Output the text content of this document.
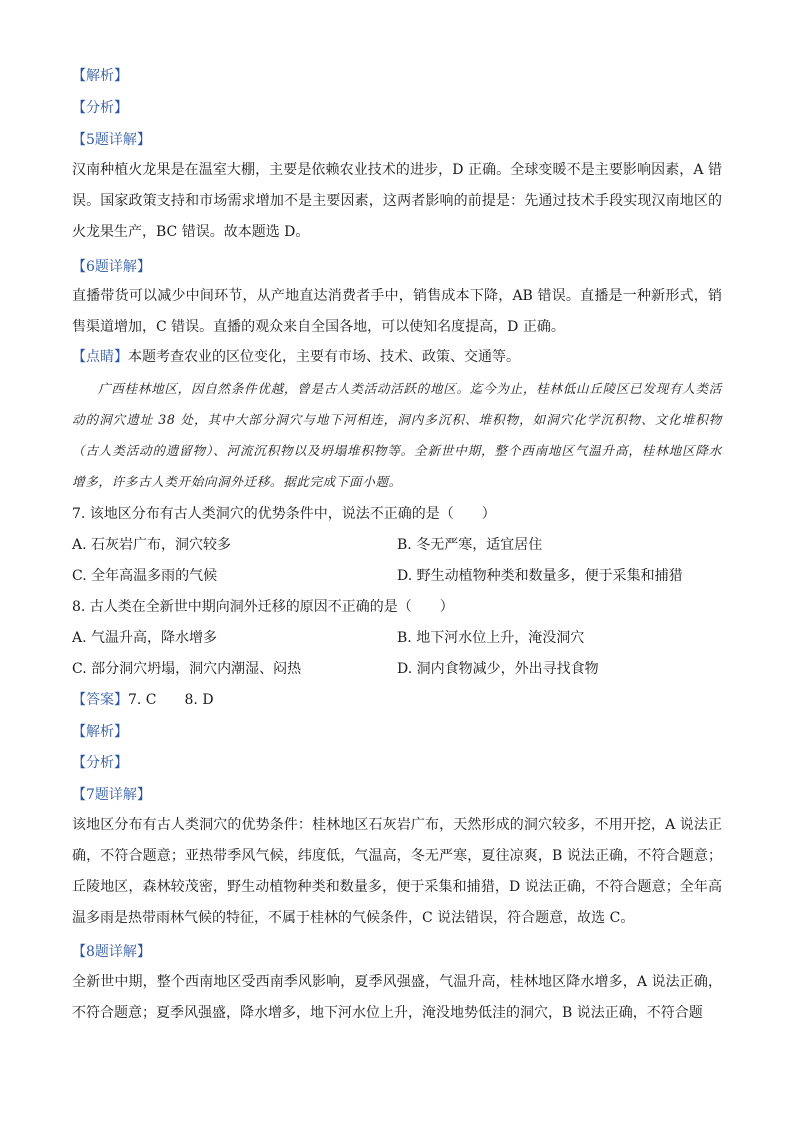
【解析】
【分析】
【5题详解】
汉南种植火龙果是在温室大棚，主要是依赖农业技术的进步，D 正确。全球变暖不是主要影响因素，A 错误。国家政策支持和市场需求增加不是主要因素，这两者影响的前提是：先通过技术手段实现汉南地区的火龙果生产，BC 错误。故本题选 D。
【6题详解】
直播带货可以减少中间环节，从产地直达消费者手中，销售成本下降，AB 错误。直播是一种新形式，销售渠道增加，C 错误。直播的观众来自全国各地，可以使知名度提高，D 正确。
【点睛】本题考查农业的区位变化，主要有市场、技术、政策、交通等。
广西桂林地区，因自然条件优越，曾是古人类活动活跃的地区。迄今为止，桂林低山丘陵区已发现有人类活动的洞穴遗址 38 处，其中大部分洞穴与地下河相连，洞内多沉积、堆积物，如洞穴化学沉积物、文化堆积物（古人类活动的遗留物）、河流沉积物以及坍塌堆积物等。全新世中期，整个西南地区气温升高，桂林地区降水增多，许多古人类开始向洞外迁移。据此完成下面小题。
7. 该地区分布有古人类洞穴的优势条件中，说法不正确的是（　　）
A. 石灰岩广布，洞穴较多	B. 冬无严寒，适宜居住
C. 全年高温多雨的气候	D. 野生动植物种类和数量多，便于采集和捕猎
8. 古人类在全新世中期向洞外迁移的原因不正确的是（　　）
A. 气温升高，降水增多	B. 地下河水位上升，淹没洞穴
C. 部分洞穴坍塌，洞穴内潮湿、闷热	D. 洞内食物减少，外出寻找食物
【答案】7. C　　8. D
【解析】
【分析】
【7题详解】
该地区分布有古人类洞穴的优势条件：桂林地区石灰岩广布，天然形成的洞穴较多，不用开挖，A 说法正确，不符合题意；亚热带季风气候，纬度低，气温高，冬无严寒，夏往凉爽，B 说法正确，不符合题意；丘陵地区，森林较茂密，野生动植物种类和数量多，便于采集和捕猎，D 说法正确，不符合题意；全年高温多雨是热带雨林气候的特征，不属于桂林的气候条件，C 说法错误，符合题意，故选 C。
【8题详解】
全新世中期，整个西南地区受西南季风影响，夏季风强盛，气温升高，桂林地区降水增多，A 说法正确，不符合题意；夏季风强盛，降水增多，地下河水位上升，淹没地势低洼的洞穴，B 说法正确，不符合题
